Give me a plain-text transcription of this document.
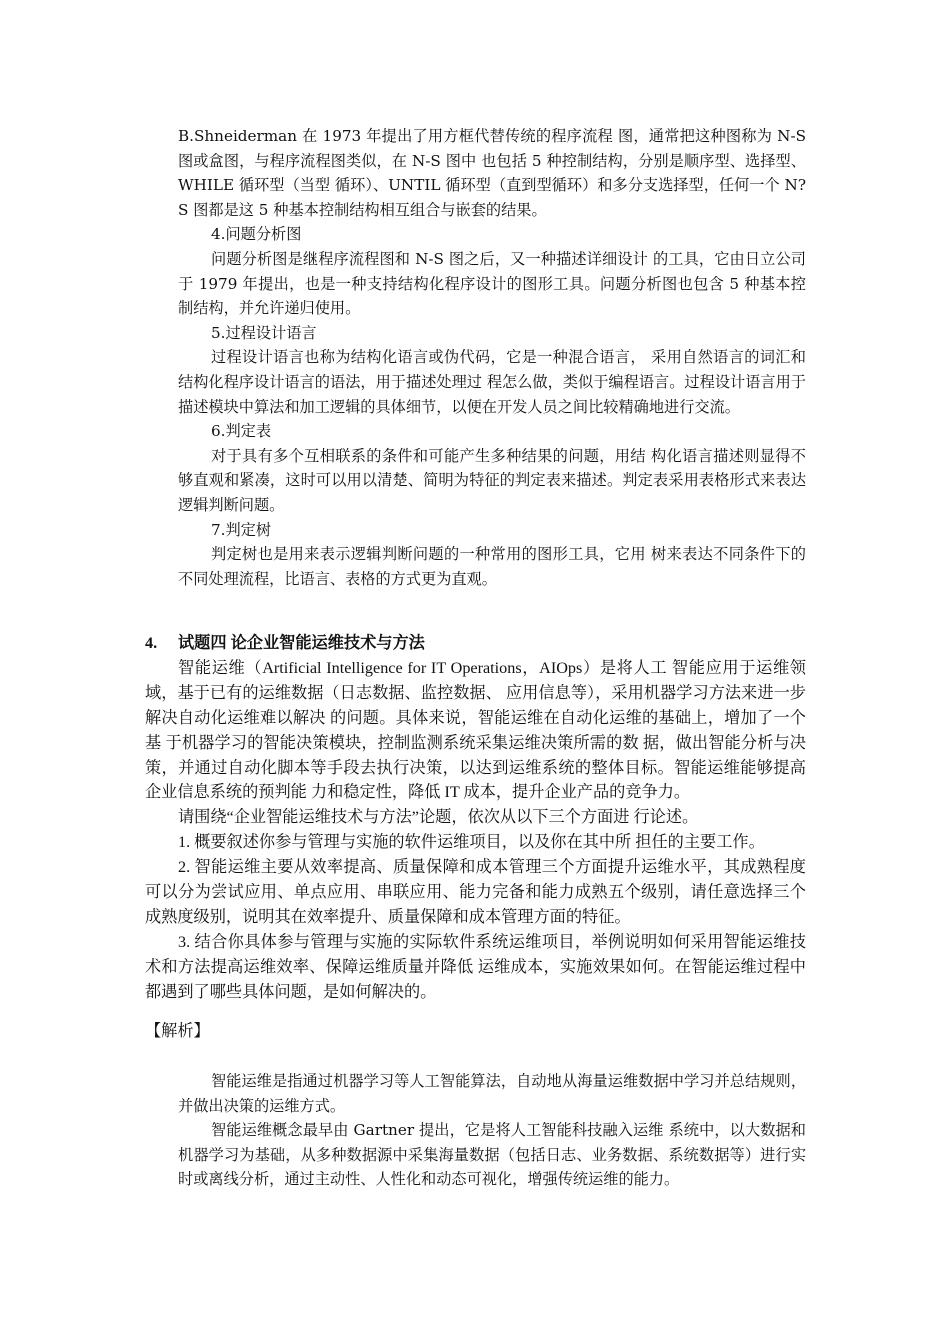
B.Shneiderman 在 1973 年提出了用方框代替传统的程序流程 图，通常把这种图称为 N-S 图或盒图，与程序流程图类似，在 N-S 图中 也包括 5 种控制结构，分别是顺序型、选择型、WHILE 循环型（当型 循环）、UNTIL 循环型（直到型循环）和多分支选择型，任何一个 N?S 图都是这 5 种基本控制结构相互组合与嵌套的结果。

4.问题分析图

问题分析图是继程序流程图和 N-S 图之后，又一种描述详细设计 的工具，它由日立公司于 1979 年提出，也是一种支持结构化程序设计的图形工具。问题分析图也包含 5 种基本控制结构，并允许递归使用。

5.过程设计语言

过程设计语言也称为结构化语言或伪代码，它是一种混合语言， 采用自然语言的词汇和结构化程序设计语言的语法，用于描述处理过 程怎么做，类似于编程语言。过程设计语言用于描述模块中算法和加工逻辑的具体细节，以便在开发人员之间比较精确地进行交流。

6.判定表

对于具有多个互相联系的条件和可能产生多种结果的问题，用结 构化语言描述则显得不够直观和紧凑，这时可以用以清楚、简明为特征的判定表来描述。判定表采用表格形式来表达逻辑判断问题。

7.判定树

判定树也是用来表示逻辑判断问题的一种常用的图形工具，它用 树来表达不同条件下的不同处理流程，比语言、表格的方式更为直观。

4.	试题四 论企业智能运维技术与方法

智能运维（Artificial Intelligence for IT Operations，AIOps）是将人工 智能应用于运维领域，基于已有的运维数据（日志数据、监控数据、 应用信息等），采用机器学习方法来进一步解决自动化运维难以解决 的问题。具体来说，智能运维在自动化运维的基础上，增加了一个基 于机器学习的智能决策模块，控制监测系统采集运维决策所需的数 据，做出智能分析与决策，并通过自动化脚本等手段去执行决策，以达到运维系统的整体目标。智能运维能够提高企业信息系统的预判能 力和稳定性，降低 IT 成本，提升企业产品的竞争力。

请围绕“企业智能运维技术与方法”论题，依次从以下三个方面进 行论述。

1. 概要叙述你参与管理与实施的软件运维项目，以及你在其中所 担任的主要工作。

2. 智能运维主要从效率提高、质量保障和成本管理三个方面提升运维水平，其成熟程度可以分为尝试应用、单点应用、串联应用、能力完备和能力成熟五个级别，请任意选择三个成熟度级别，说明其在效率提升、质量保障和成本管理方面的特征。

3. 结合你具体参与管理与实施的实际软件系统运维项目，举例说明如何采用智能运维技术和方法提高运维效率、保障运维质量并降低 运维成本，实施效果如何。在智能运维过程中都遇到了哪些具体问题，是如何解决的。

【解析】

智能运维是指通过机器学习等人工智能算法，自动地从海量运维数据中学习并总结规则，并做出决策的运维方式。

智能运维概念最早由 Gartner 提出，它是将人工智能科技融入运维 系统中，以大数据和机器学习为基础，从多种数据源中采集海量数据（包括日志、业务数据、系统数据等）进行实时或离线分析，通过主动性、人性化和动态可视化，增强传统运维的能力。
